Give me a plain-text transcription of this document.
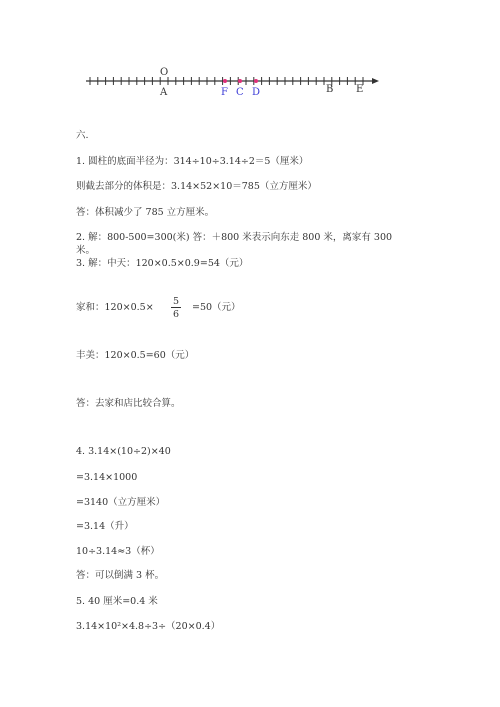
O
A	F C D	B E
六.
1. 圆柱的底面半径为：314÷10÷3.14÷2＝5（厘米）
则截去部分的体积是：3.14×52×10＝785（立方厘米）
答：体积减少了 785 立方厘米。
2. 解：800-500=300(米) 答：＋800 米表示向东走 800 米，离家有 300
米。
3. 解：中天：120×0.5×0.9=54（元）
家和：120×0.5×
5
6
=50（元）
丰美：120×0.5=60（元）
答：去家和店比较合算。
4. 3.14×(10÷2)×40
=3.14×1000
=3140（立方厘米）
=3.14（升）
10÷3.14≈3（杯）
答：可以倒满 3 杯。
5. 40 厘米=0.4 米
3.14×10²×4.8÷3÷（20×0.4）
